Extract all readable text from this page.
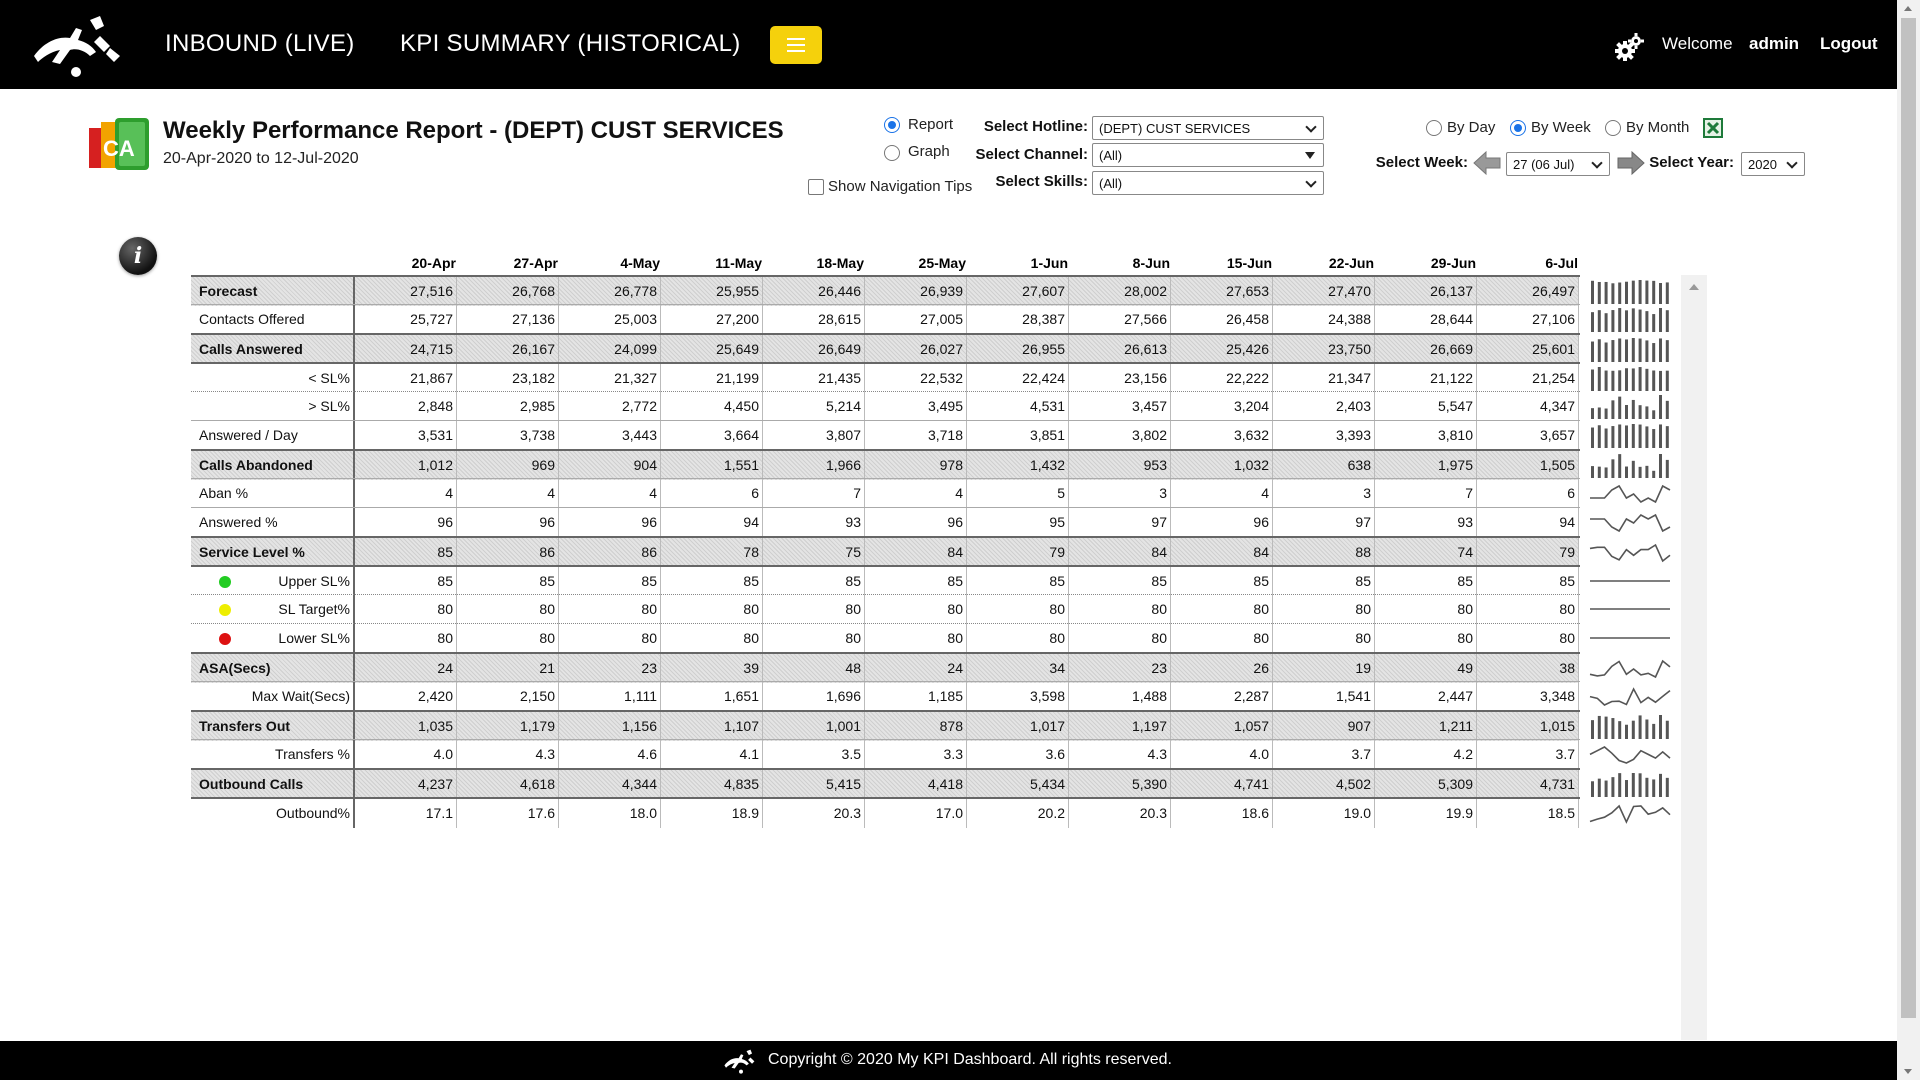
INBOUND (LIVE) KPI SUMMARY (HISTORICAL)	Welcome admin Logout
CA
Weekly Performance Report - (DEPT) CUST SERVICES
20-Apr-2020 to 12-Jul-2020
Report
Graph
Show Navigation Tips
Select Hotline: (DEPT) CUST SERVICES
Select Channel: (All)
Select Skills: (All)
By Day By Week By Month
Select Week:	27 (06 Jul)	Select Year:	2020
i	20-Apr	27-Apr	4-May	11-May	18-May	25-May	1-Jun	8-Jun	15-Jun	22-Jun	29-Jun	6-Jul
Forecast	27,516	26,768	26,778	25,955	26,446	26,939	27,607	28,002	27,653	27,470	26,137	26,497
Contacts Offered	25,727	27,136	25,003	27,200	28,615	27,005	28,387	27,566	26,458	24,388	28,644	27,106
Calls Answered	24,715	26,167	24,099	25,649	26,649	26,027	26,955	26,613	25,426	23,750	26,669	25,601
< SL%	21,867	23,182	21,327	21,199	21,435	22,532	22,424	23,156	22,222	21,347	21,122	21,254
> SL%	2,848	2,985	2,772	4,450	5,214	3,495	4,531	3,457	3,204	2,403	5,547	4,347
Answered / Day	3,531	3,738	3,443	3,664	3,807	3,718	3,851	3,802	3,632	3,393	3,810	3,657
Calls Abandoned	1,012	969	904	1,551	1,966	978	1,432	953	1,032	638	1,975	1,505
Aban %	4	4	4	6	7	4	5	3	4	3	7	6
Answered %	96	96	96	94	93	96	95	97	96	97	93	94
Service Level %	85	86	86	78	75	84	79	84	84	88	74	79
Upper SL%	85	85	85	85	85	85	85	85	85	85	85	85
SL Target%	80	80	80	80	80	80	80	80	80	80	80	80
Lower SL%	80	80	80	80	80	80	80	80	80	80	80	80
ASA(Secs)	24	21	23	39	48	24	34	23	26	19	49	38
Max Wait(Secs)	2,420	2,150	1,111	1,651	1,696	1,185	3,598	1,488	2,287	1,541	2,447	3,348
Transfers Out	1,035	1,179	1,156	1,107	1,001	878	1,017	1,197	1,057	907	1,211	1,015
Transfers %	4.0	4.3	4.6	4.1	3.5	3.3	3.6	4.3	4.0	3.7	4.2	3.7
Outbound Calls	4,237	4,618	4,344	4,835	5,415	4,418	5,434	5,390	4,741	4,502	5,309	4,731
Outbound%	17.1	17.6	18.0	18.9	20.3	17.0	20.2	20.3	18.6	19.0	19.9	18.5
Copyright © 2020 My KPI Dashboard. All rights reserved.
